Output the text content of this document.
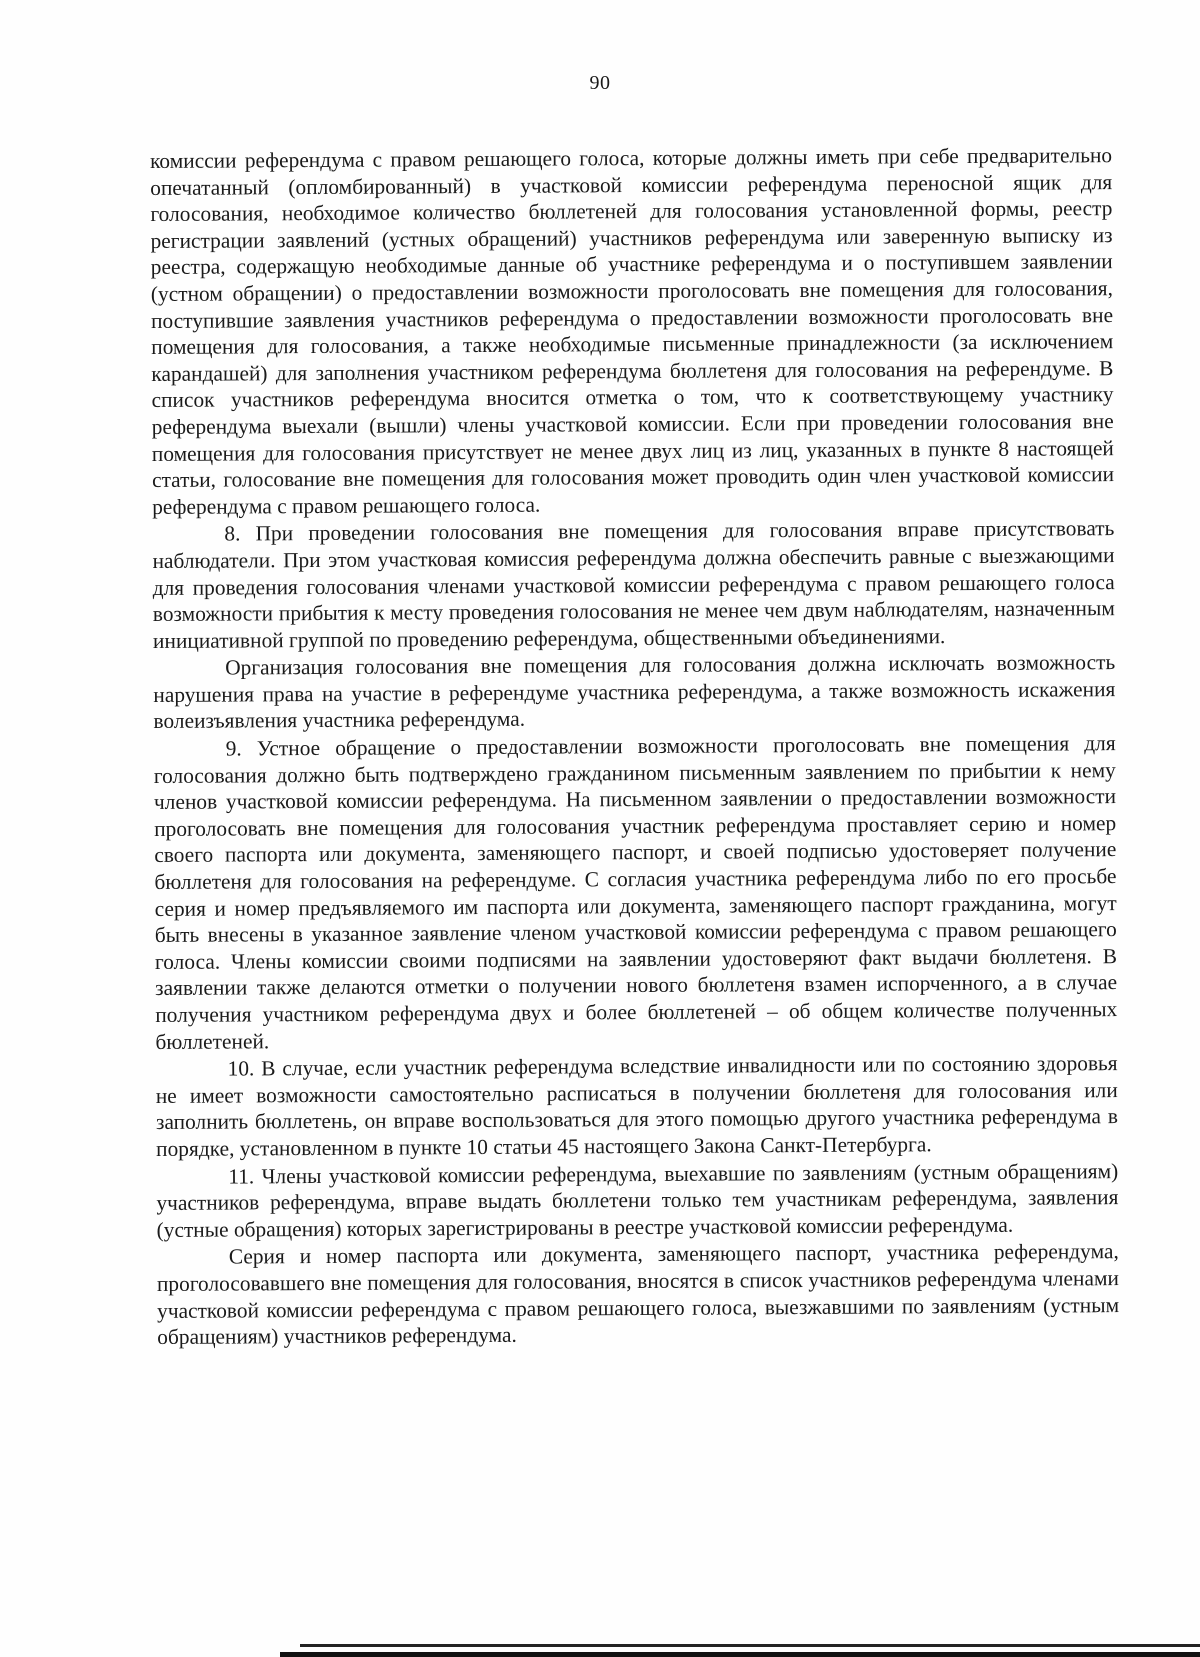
90

комиссии референдума с правом решающего голоса, которые должны иметь при себе предварительно опечатанный (опломбированный) в участковой комиссии референдума переносной ящик для голосования, необходимое количество бюллетеней для голосования установленной формы, реестр регистрации заявлений (устных обращений) участников референдума или заверенную выписку из реестра, содержащую необходимые данные об участнике референдума и о поступившем заявлении (устном обращении) о предоставлении возможности проголосовать вне помещения для голосования, поступившие заявления участников референдума о предоставлении возможности проголосовать вне помещения для голосования, а также необходимые письменные принадлежности (за исключением карандашей) для заполнения участником референдума бюллетеня для голосования на референдуме. В список участников референдума вносится отметка о том, что к соответствующему участнику референдума выехали (вышли) члены участковой комиссии. Если при проведении голосования вне помещения для голосования присутствует не менее двух лиц из лиц, указанных в пункте 8 настоящей статьи, голосование вне помещения для голосования может проводить один член участковой комиссии референдума с правом решающего голоса.

8. При проведении голосования вне помещения для голосования вправе присутствовать наблюдатели. При этом участковая комиссия референдума должна обеспечить равные с выезжающими для проведения голосования членами участковой комиссии референдума с правом решающего голоса возможности прибытия к месту проведения голосования не менее чем двум наблюдателям, назначенным инициативной группой по проведению референдума, общественными объединениями.

Организация голосования вне помещения для голосования должна исключать возможность нарушения права на участие в референдуме участника референдума, а также возможность искажения волеизъявления участника референдума.

9. Устное обращение о предоставлении возможности проголосовать вне помещения для голосования должно быть подтверждено гражданином письменным заявлением по прибытии к нему членов участковой комиссии референдума. На письменном заявлении о предоставлении возможности проголосовать вне помещения для голосования участник референдума проставляет серию и номер своего паспорта или документа, заменяющего паспорт, и своей подписью удостоверяет получение бюллетеня для голосования на референдуме. С согласия участника референдума либо по его просьбе серия и номер предъявляемого им паспорта или документа, заменяющего паспорт гражданина, могут быть внесены в указанное заявление членом участковой комиссии референдума с правом решающего голоса. Члены комиссии своими подписями на заявлении удостоверяют факт выдачи бюллетеня. В заявлении также делаются отметки о получении нового бюллетеня взамен испорченного, а в случае получения участником референдума двух и более бюллетеней – об общем количестве полученных бюллетеней.

10. В случае, если участник референдума вследствие инвалидности или по состоянию здоровья не имеет возможности самостоятельно расписаться в получении бюллетеня для голосования или заполнить бюллетень, он вправе воспользоваться для этого помощью другого участника референдума в порядке, установленном в пункте 10 статьи 45 настоящего Закона Санкт-Петербурга.

11. Члены участковой комиссии референдума, выехавшие по заявлениям (устным обращениям) участников референдума, вправе выдать бюллетени только тем участникам референдума, заявления (устные обращения) которых зарегистрированы в реестре участковой комиссии референдума.

Серия и номер паспорта или документа, заменяющего паспорт, участника референдума, проголосовавшего вне помещения для голосования, вносятся в список участников референдума членами участковой комиссии референдума с правом решающего голоса, выезжавшими по заявлениям (устным обращениям) участников референдума.
